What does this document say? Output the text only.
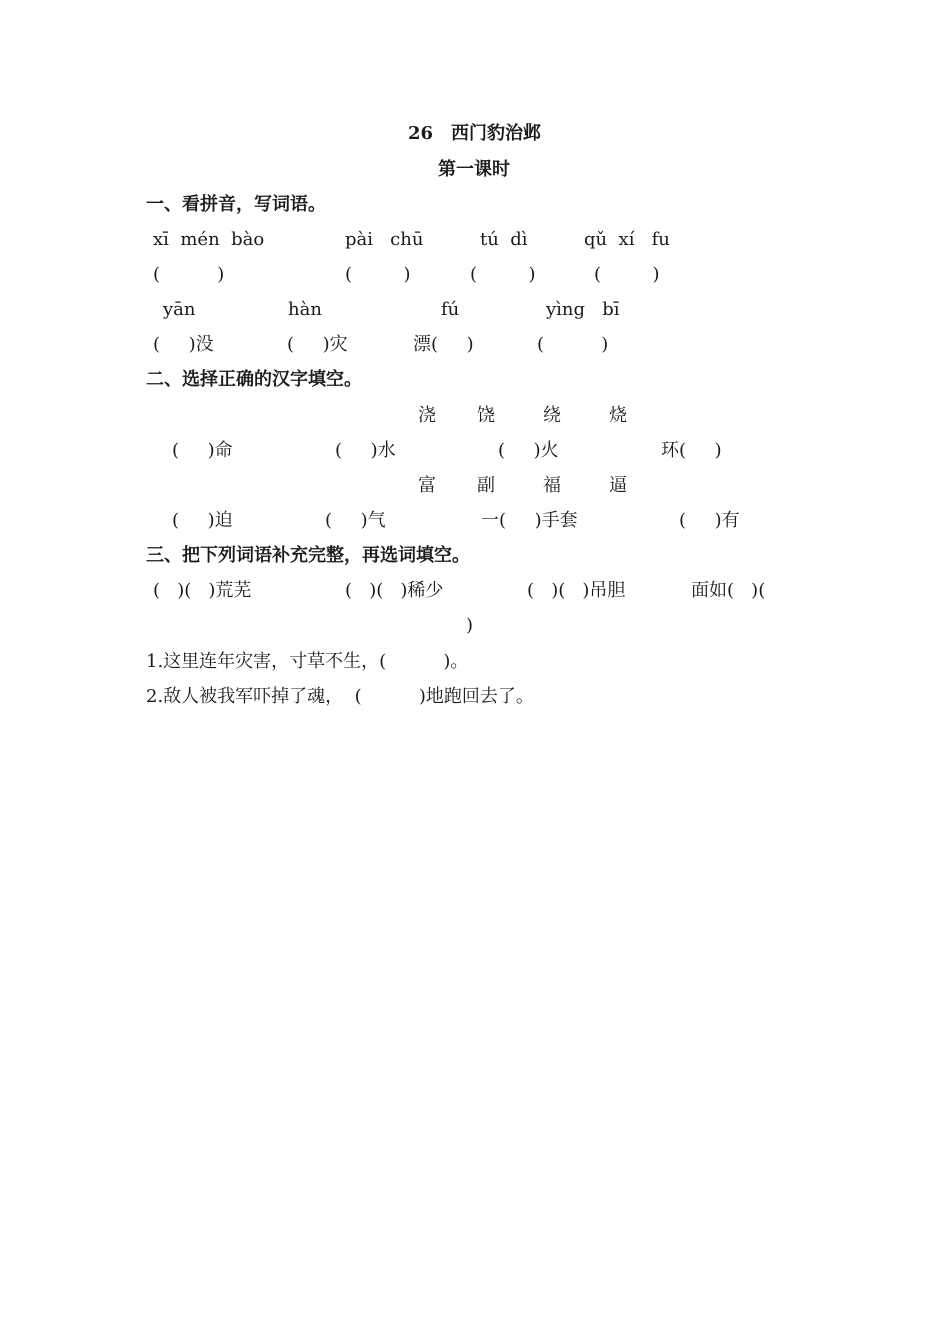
26　西门豹治邺
第一课时
一、看拼音，写词语。
xī  mén  bào	pài   chū	tú  dì	qǔ  xí   fu
(          )	(         )	(         )	(         )
yān	hàn	fú	yìng   bī
(     )没	(     )灾	漂(     )	(          )
二、选择正确的汉字填空。
浇 饶	绕	烧
(     )命	(     )水	(     )火	环(     )
富 副	福	逼
(     )迫	(     )气	一(     )手套	(     )有
三、把下列词语补充完整，再选词填空。
(   )(   )荒芜	(   )(   )稀少	(   )(   )吊胆	面如(   )(
)
1.这里连年灾害，寸草不生，(          )。
2.敌人被我军吓掉了魂，  (          )地跑回去了。
